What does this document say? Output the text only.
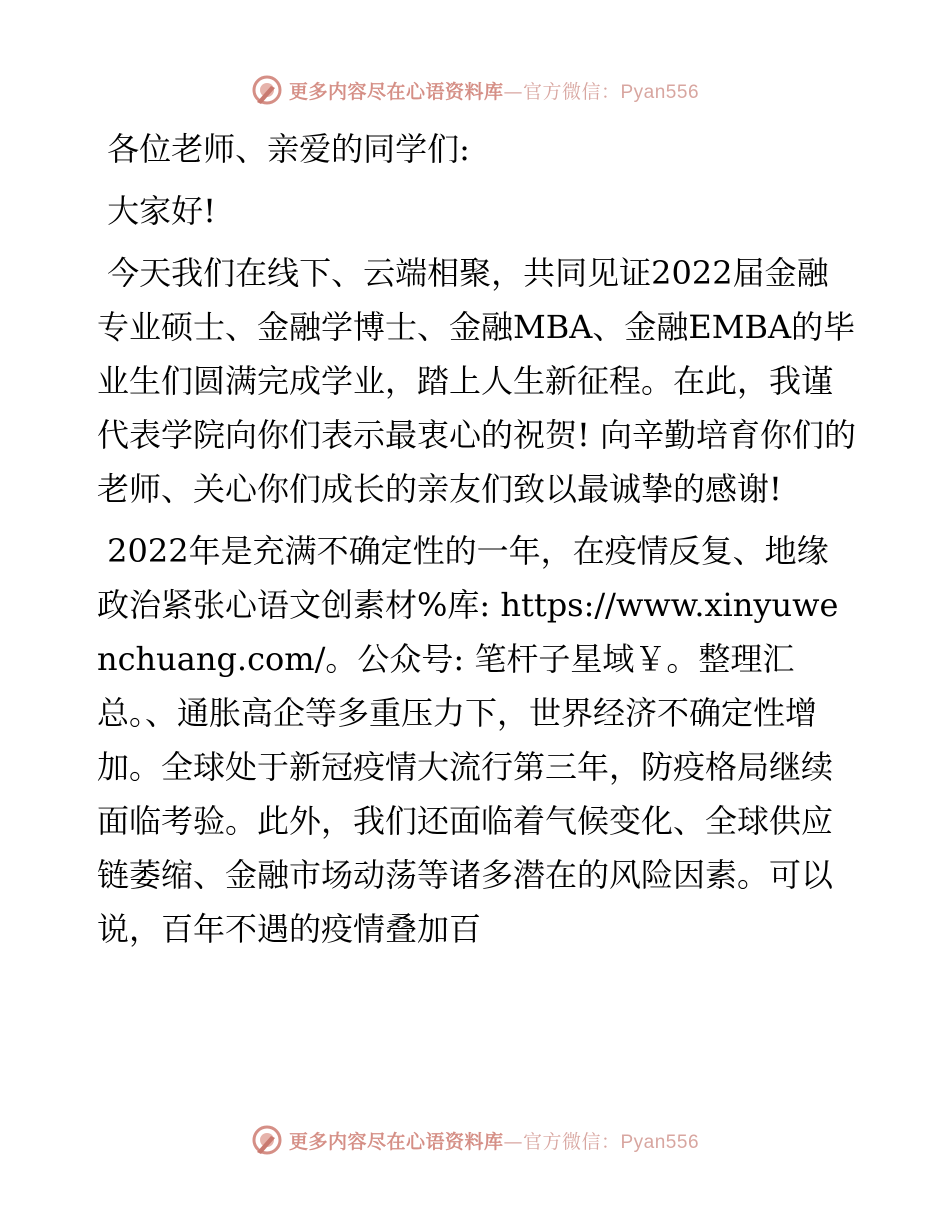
更多内容尽在心语资料库—官方微信：Pyan556

各位老师、亲爱的同学们:

大家好!

今天我们在线下、云端相聚，共同见证2022届金融专业硕士、金融学博士、金融MBA、金融EMBA的毕业生们圆满完成学业，踏上人生新征程。在此，我谨代表学院向你们表示最衷心的祝贺! 向辛勤培育你们的老师、关心你们成长的亲友们致以最诚挚的感谢!

2022年是充满不确定性的一年，在疫情反复、地缘政治紧张心语文创素材%库: https://www.xinyuwenchuang.com/。公众号: 笔杆子星域￥。整理汇总。、通胀高企等多重压力下，世界经济不确定性增加。全球处于新冠疫情大流行第三年，防疫格局继续面临考验。此外，我们还面临着气候变化、全球供应链萎缩、金融市场动荡等诸多潜在的风险因素。可以说，百年不遇的疫情叠加百

更多内容尽在心语资料库—官方微信：Pyan556
